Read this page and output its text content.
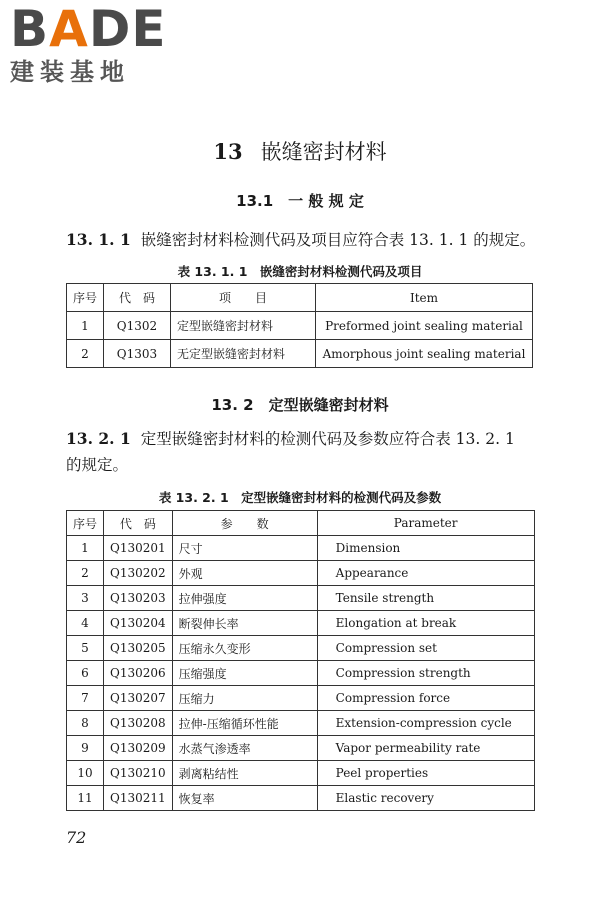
BADE
建装基地
13 嵌缝密封材料
13.1　一 般 规 定
13. 1. 1 嵌缝密封材料检测代码及项目应符合表 13. 1. 1 的规定。
表 13. 1. 1　嵌缝密封材料检测代码及项目
序号	代　码	项　　目	Item
1	Q1302	定型嵌缝密封材料	Preformed joint sealing material
2	Q1303	无定型嵌缝密封材料	Amorphous joint sealing material
13. 2　定型嵌缝密封材料
13. 2. 1 定型嵌缝密封材料的检测代码及参数应符合表 13. 2. 1
的规定。
表 13. 2. 1　定型嵌缝密封材料的检测代码及参数
序号	代　码	参　　数	Parameter
1	Q130201	尺寸	Dimension
2	Q130202	外观	Appearance
3	Q130203	拉伸强度	Tensile strength
4	Q130204	断裂伸长率	Elongation at break
5	Q130205	压缩永久变形	Compression set
6	Q130206	压缩强度	Compression strength
7	Q130207	压缩力	Compression force
8	Q130208	拉伸-压缩循环性能	Extension-compression cycle
9	Q130209	水蒸气渗透率	Vapor permeability rate
10	Q130210	剥离粘结性	Peel properties
11	Q130211	恢复率	Elastic recovery
72
